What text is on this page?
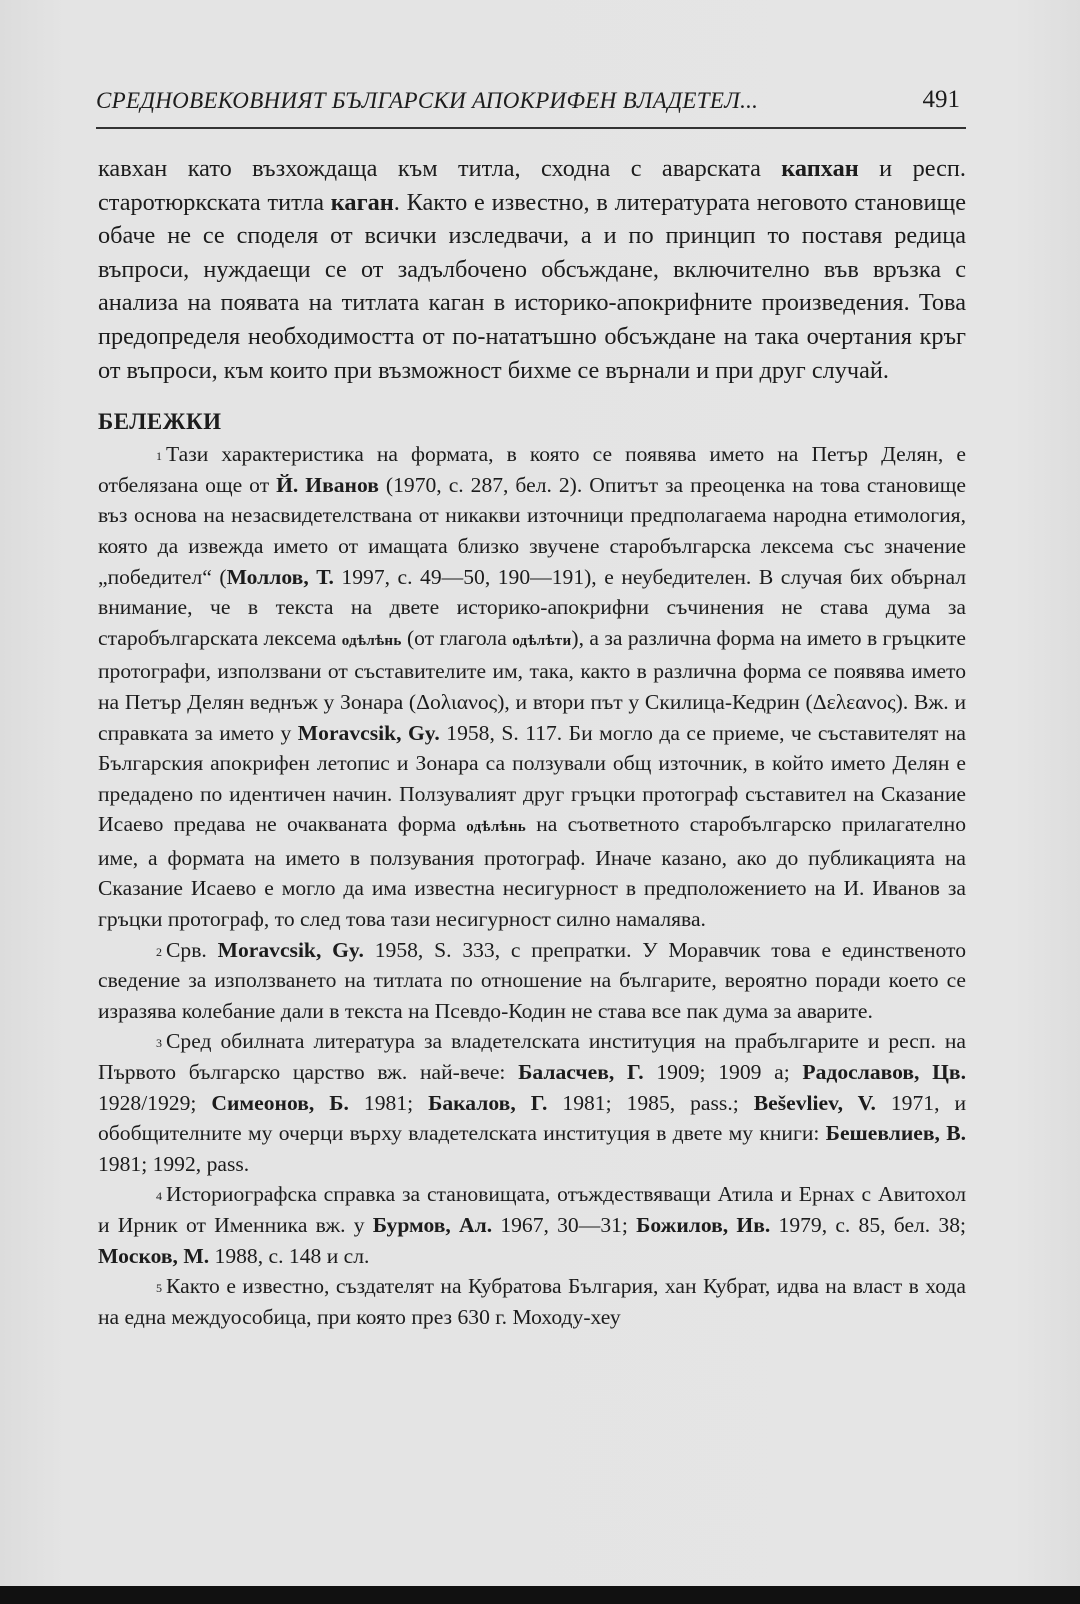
СРЕДНОВЕКОВНИЯТ БЪЛГАРСКИ АПОКРИФЕН ВЛАДЕТЕЛ...	491

кавхан като възхождаща към титла, сходна с аварската капхан и респ. старотюркската титла каган. Както е известно, в литературата неговото становище обаче не се споделя от всички изследвачи, а и по принцип то поставя редица въпроси, нуждаещи се от задълбочено обсъждане, включително във връзка с анализа на появата на титлата каган в историко-апокрифните произведения. Това предопределя необходимостта от по-нататъшно обсъждане на така очертания кръг от въпроси, към които при възможност бихме се върнали и при друг случай.

БЕЛЕЖКИ

$^1$ Тази характеристика на формата, в която се появява името на Петър Делян, е отбелязана още от Й. Иванов (1970, с. 287, бел. 2). Опитът за преоценка на това становище въз основа на незасвидетелствана от никакви източници предполагаема народна етимология, която да извежда името от имащата близко звучене старобългарска лексема със значение „победител“ (Моллов, Т. 1997, с. 49—50, 190—191), е неубедителен. В случая бих обърнал внимание, че в текста на двете историко-апокрифни съчинения не става дума за старобългарската лексема одѣлѣнь (от глагола одѣлѣти), а за различна форма на името в гръцките протографи, използвани от съставителите им, така, както в различна форма се появява името на Петър Делян веднъж у Зонара (Δολιανος), и втори път у Скилица-Кедрин (Δελεανος). Вж. и справката за името у Moravcsik, Gy. 1958, S. 117. Би могло да се приеме, че съставителят на Българския апокрифен летопис и Зонара са ползували общ източник, в който името Делян е предадено по идентичен начин. Ползувалият друг гръцки протограф съставител на Сказание Исаево предава не очакваната форма одѣлѣнь на съответното старобългарско прилагателно име, а формата на името в ползувания протограф. Иначе казано, ако до публикацията на Сказание Исаево е могло да има известна несигурност в предположението на И. Иванов за гръцки протограф, то след това тази несигурност силно намалява.

$^2$ Срв. Moravcsik, Gy. 1958, S. 333, с препратки. У Моравчик това е единственото сведение за използването на титлата по отношение на българите, вероятно поради което се изразява колебание дали в текста на Псевдо-Кодин не става все пак дума за аварите.

$^3$ Сред обилната литература за владетелската институция на прабългарите и респ. на Първото българско царство вж. най-вече: Баласчев, Г. 1909; 1909 а; Радославов, Цв. 1928/1929; Симеонов, Б. 1981; Бакалов, Г. 1981; 1985, pass.; Beševliev, V. 1971, и обобщителните му очерци върху владетелската институция в двете му книги: Бешевлиев, В. 1981; 1992, pass.

$^4$ Историографска справка за становищата, отъждествяващи Атила и Ернах с Авитохол и Ирник от Именника вж. у Бурмов, Ал. 1967, 30—31; Божилов, Ив. 1979, с. 85, бел. 38; Москов, М. 1988, с. 148 и сл.

$^5$ Както е известно, създателят на Кубратова България, хан Кубрат, идва на власт в хода на една междуособица, при която през 630 г. Моходу-хеу
